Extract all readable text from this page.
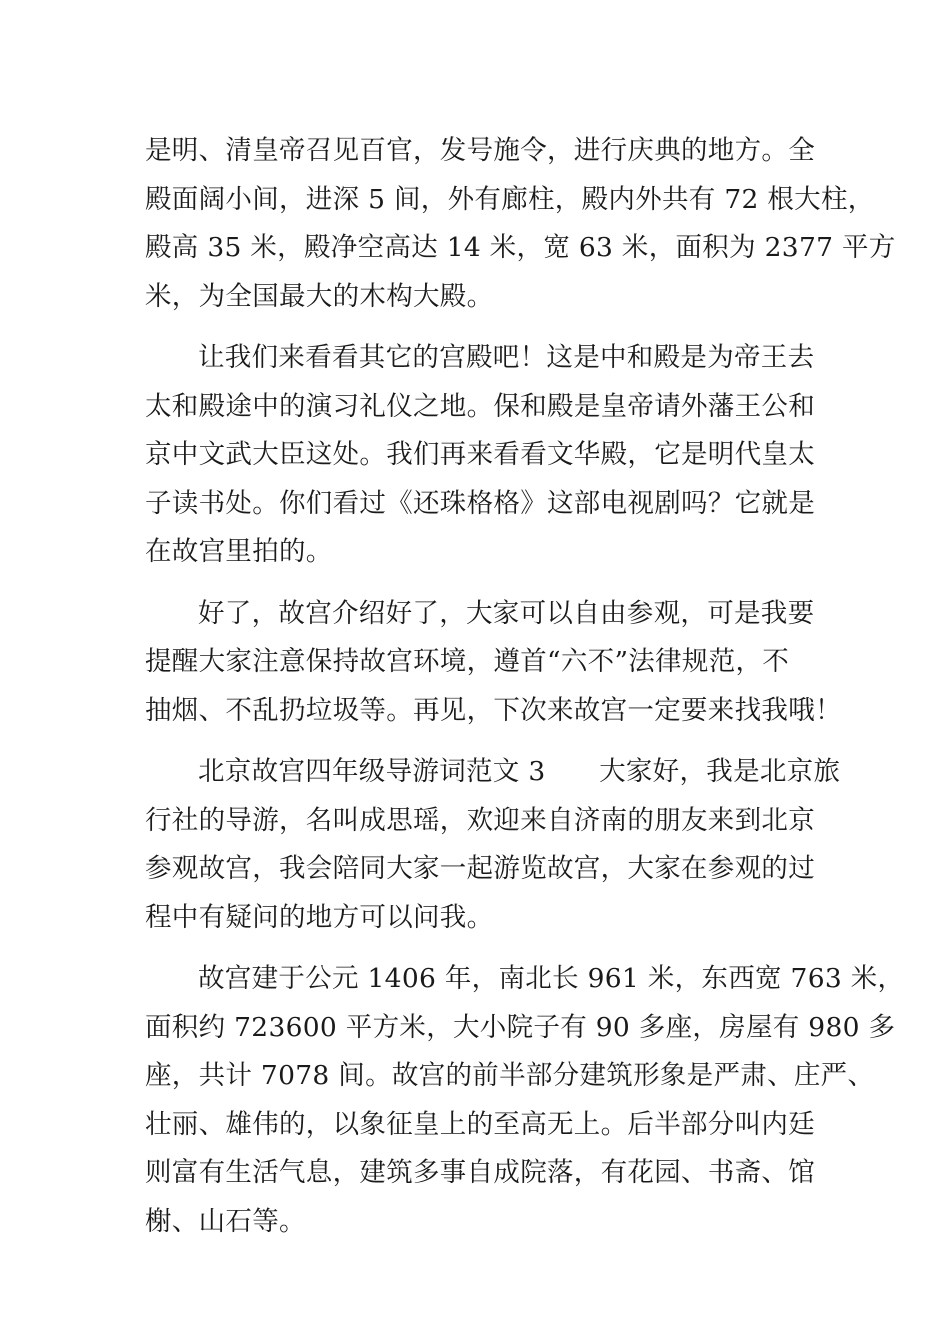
是明、清皇帝召见百官，发号施令，进行庆典的地方。全
殿面阔小间，进深 5 间，外有廊柱，殿内外共有 72 根大柱，
殿高 35 米，殿净空高达 14 米，宽 63 米，面积为 2377 平方
米，为全国最大的木构大殿。
让我们来看看其它的宫殿吧！这是中和殿是为帝王去
太和殿途中的演习礼仪之地。保和殿是皇帝请外藩王公和
京中文武大臣这处。我们再来看看文华殿，它是明代皇太
子读书处。你们看过《还珠格格》这部电视剧吗？它就是
在故宫里拍的。
好了，故宫介绍好了，大家可以自由参观，可是我要
提醒大家注意保持故宫环境，遵首“六不”法律规范，不
抽烟、不乱扔垃圾等。再见，下次来故宫一定要来找我哦！
北京故宫四年级导游词范文 3　　大家好，我是北京旅
行社的导游，名叫成思瑶，欢迎来自济南的朋友来到北京
参观故宫，我会陪同大家一起游览故宫，大家在参观的过
程中有疑问的地方可以问我。
故宫建于公元 1406 年，南北长 961 米，东西宽 763 米，
面积约 723600 平方米，大小院子有 90 多座，房屋有 980 多
座，共计 7078 间。故宫的前半部分建筑形象是严肃、庄严、
壮丽、雄伟的，以象征皇上的至高无上。后半部分叫内廷
则富有生活气息，建筑多事自成院落，有花园、书斋、馆
榭、山石等。
